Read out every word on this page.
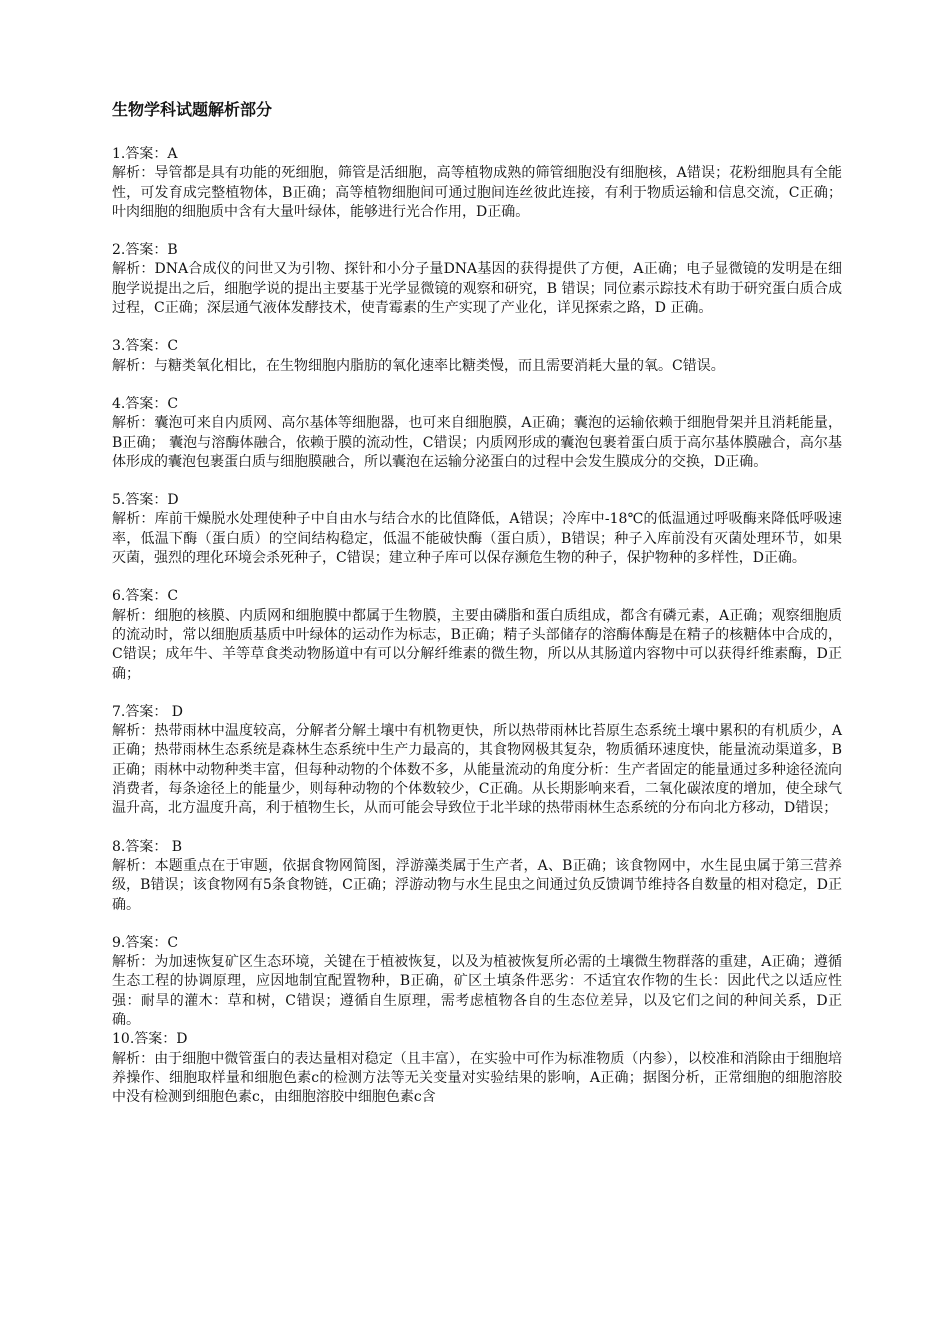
生物学科试题解析部分
1.答案：A
解析：导管都是具有功能的死细胞，筛管是活细胞，高等植物成熟的筛管细胞没有细胞核，A错误；花粉细胞具有全能性，可发育成完整植物体，B正确；高等植物细胞间可通过胞间连丝彼此连接，有利于物质运输和信息交流，C正确；叶肉细胞的细胞质中含有大量叶绿体，能够进行光合作用，D正确。
2.答案：B
解析：DNA合成仪的问世又为引物、探针和小分子量DNA基因的获得提供了方便，A正确；电子显微镜的发明是在细胞学说提出之后，细胞学说的提出主要基于光学显微镜的观察和研究，B 错误；同位素示踪技术有助于研究蛋白质合成过程，C正确；深层通气液体发酵技术，使青霉素的生产实现了产业化，详见探索之路，D 正确。
3.答案：C
解析：与糖类氧化相比，在生物细胞内脂肪的氧化速率比糖类慢，而且需要消耗大量的氧。C错误。
4.答案：C
解析：囊泡可来自内质网、高尔基体等细胞器，也可来自细胞膜，A正确；囊泡的运输依赖于细胞骨架并且消耗能量，B正确； 囊泡与溶酶体融合，依赖于膜的流动性，C错误；内质网形成的囊泡包裹着蛋白质于高尔基体膜融合，高尔基体形成的囊泡包裹蛋白质与细胞膜融合，所以囊泡在运输分泌蛋白的过程中会发生膜成分的交换，D正确。
5.答案：D
解析：库前干燥脱水处理使种子中自由水与结合水的比值降低，A错误；冷库中-18℃的低温通过呼吸酶来降低呼吸速率，低温下酶（蛋白质）的空间结构稳定，低温不能破快酶（蛋白质），B错误；种子入库前没有灭菌处理环节，如果灭菌，强烈的理化环境会杀死种子，C错误；建立种子库可以保存濒危生物的种子，保护物种的多样性，D正确。
6.答案：C
解析：细胞的核膜、内质网和细胞膜中都属于生物膜，主要由磷脂和蛋白质组成，都含有磷元素，A正确；观察细胞质的流动时，常以细胞质基质中叶绿体的运动作为标志，B正确；精子头部储存的溶酶体酶是在精子的核糖体中合成的，C错误；成年牛、羊等草食类动物肠道中有可以分解纤维素的微生物，所以从其肠道内容物中可以获得纤维素酶，D正确；
7.答案： D
解析：热带雨林中温度较高，分解者分解土壤中有机物更快，所以热带雨林比苔原生态系统土壤中累积的有机质少，A正确；热带雨林生态系统是森林生态系统中生产力最高的，其食物网极其复杂，物质循环速度快，能量流动渠道多，B正确；雨林中动物种类丰富，但每种动物的个体数不多，从能量流动的角度分析：生产者固定的能量通过多种途径流向消费者，每条途径上的能量少，则每种动物的个体数较少，C正确。从长期影响来看，二氧化碳浓度的增加，使全球气温升高，北方温度升高，利于植物生长，从而可能会导致位于北半球的热带雨林生态系统的分布向北方移动，D错误；
8.答案： B
解析：本题重点在于审题，依据食物网简图，浮游藻类属于生产者，A、B正确；该食物网中，水生昆虫属于第三营养级，B错误；该食物网有5条食物链，C正确；浮游动物与水生昆虫之间通过负反馈调节维持各自数量的相对稳定，D正确。
9.答案：C
解析：为加速恢复矿区生态环境，关键在于植被恢复，以及为植被恢复所必需的土壤微生物群落的重建，A正确；遵循生态工程的协调原理，应因地制宜配置物种，B正确，矿区土填条件恶劣：不适宜农作物的生长：因此代之以适应性强：耐旱的灌木：草和树，C错误；遵循自生原理，需考虑植物各自的生态位差异，以及它们之间的种间关系，D正确。
10.答案：D
解析：由于细胞中微管蛋白的表达量相对稳定（且丰富），在实验中可作为标准物质（内参），以校准和消除由于细胞培养操作、细胞取样量和细胞色素c的检测方法等无关变量对实验结果的影响，A正确；据图分析，正常细胞的细胞溶胶中没有检测到细胞色素c，由细胞溶胶中细胞色素c含
